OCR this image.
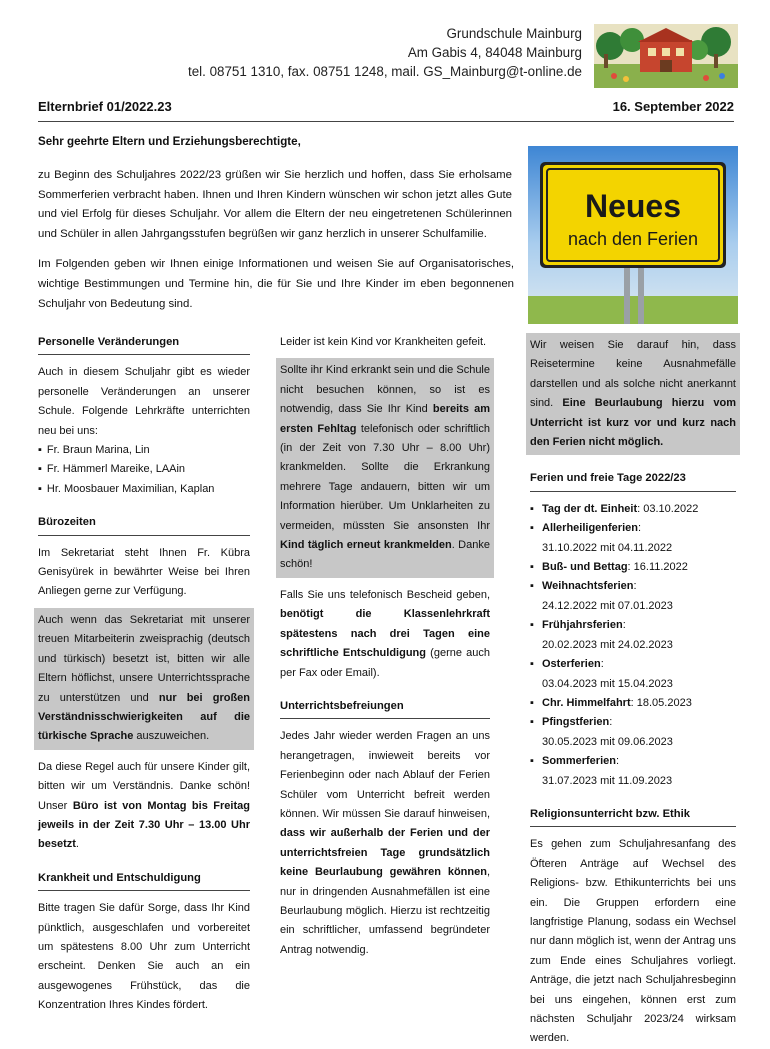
Grundschule Mainburg
Am Gabis 4, 84048 Mainburg
tel. 08751 1310, fax. 08751 1248, mail. GS_Mainburg@t-online.de
Elternbrief 01/2022.23	16. September 2022
Sehr geehrte Eltern und Erziehungsberechtigte,

zu Beginn des Schuljahres 2022/23 grüßen wir Sie herzlich und hoffen, dass Sie erholsame Sommerferien verbracht haben. Ihnen und Ihren Kindern wünschen wir schon jetzt alles Gute und viel Erfolg für dieses Schuljahr. Vor allem die Eltern der neu eingetretenen Schülerinnen und Schüler in allen Jahrgangsstufen begrüßen wir ganz herzlich in unserer Schulfamilie.

Im Folgenden geben wir Ihnen einige Informationen und weisen Sie auf Organisatorisches, wichtige Bestimmungen und Termine hin, die für Sie und Ihre Kinder im eben begonnenen Schuljahr von Bedeutung sind.

Neues
nach den Ferien
Personelle Veränderungen
Auch in diesem Schuljahr gibt es wieder personelle Veränderungen an unserer Schule. Folgende Lehrkräfte unterrichten neu bei uns:
▪ Fr. Braun Marina, Lin
▪ Fr. Hämmerl Mareike, LAAin
▪ Hr. Moosbauer Maximilian, Kaplan
Bürozeiten
Im Sekretariat steht Ihnen Fr. Kübra Genisyürek in bewährter Weise bei Ihren Anliegen gerne zur Verfügung.
Auch wenn das Sekretariat mit unserer treuen Mitarbeiterin zweisprachig (deutsch und türkisch) besetzt ist, bitten wir alle Eltern höflichst, unsere Unterrichtssprache zu unterstützen und nur bei großen Verständnisschwierigkeiten auf die türkische Sprache auszuweichen.
Da diese Regel auch für unsere Kinder gilt, bitten wir um Verständnis. Danke schön! Unser Büro ist von Montag bis Freitag jeweils in der Zeit 7.30 Uhr – 13.00 Uhr besetzt.
Krankheit und Entschuldigung
Bitte tragen Sie dafür Sorge, dass Ihr Kind pünktlich, ausgeschlafen und vorbereitet um spätestens 8.00 Uhr zum Unterricht erscheint. Denken Sie auch an ein ausgewogenes Frühstück, das die Konzentration Ihres Kindes fördert.
Leider ist kein Kind vor Krankheiten gefeit.
Sollte ihr Kind erkrankt sein und die Schule nicht besuchen können, so ist es notwendig, dass Sie Ihr Kind bereits am ersten Fehltag telefonisch oder schriftlich (in der Zeit von 7.30 Uhr – 8.00 Uhr) krankmelden. Sollte die Erkrankung mehrere Tage andauern, bitten wir um Information hierüber. Um Unklarheiten zu vermeiden, müssten Sie ansonsten Ihr Kind täglich erneut krankmelden. Danke schön!
Falls Sie uns telefonisch Bescheid geben, benötigt die Klassenlehrkraft spätestens nach drei Tagen eine schriftliche Entschuldigung (gerne auch per Fax oder Email).
Unterrichtsbefreiungen
Jedes Jahr wieder werden Fragen an uns herangetragen, inwieweit bereits vor Ferienbeginn oder nach Ablauf der Ferien Schüler vom Unterricht befreit werden können. Wir müssen Sie darauf hinweisen, dass wir außerhalb der Ferien und der unterrichtsfreien Tage grundsätzlich keine Beurlaubung gewähren können, nur in dringenden Ausnahmefällen ist eine Beurlaubung möglich. Hierzu ist rechtzeitig ein schriftlicher, umfassend begründeter Antrag notwendig.
Wir weisen Sie darauf hin, dass Reisetermine keine Ausnahmefälle darstellen und als solche nicht anerkannt sind. Eine Beurlaubung hierzu vom Unterricht ist kurz vor und kurz nach den Ferien nicht möglich.
Ferien und freie Tage 2022/23
▪ Tag der dt. Einheit: 03.10.2022
▪ Allerheiligenferien:
31.10.2022 mit 04.11.2022
▪ Buß- und Bettag: 16.11.2022
▪ Weihnachtsferien:
24.12.2022 mit 07.01.2023
▪ Frühjahrsferien:
20.02.2023 mit 24.02.2023
▪ Osterferien:
03.04.2023 mit 15.04.2023
▪ Chr. Himmelfahrt: 18.05.2023
▪ Pfingstferien:
30.05.2023 mit 09.06.2023
▪ Sommerferien:
31.07.2023 mit 11.09.2023
Religionsunterricht bzw. Ethik
Es gehen zum Schuljahresanfang des Öfteren Anträge auf Wechsel des Religions- bzw. Ethikunterrichts bei uns ein. Die Gruppen erfordern eine langfristige Planung, sodass ein Wechsel nur dann möglich ist, wenn der Antrag uns zum Ende eines Schuljahres vorliegt. Anträge, die jetzt nach Schuljahresbeginn bei uns eingehen, können erst zum nächsten Schuljahr 2023/24 wirksam werden.
